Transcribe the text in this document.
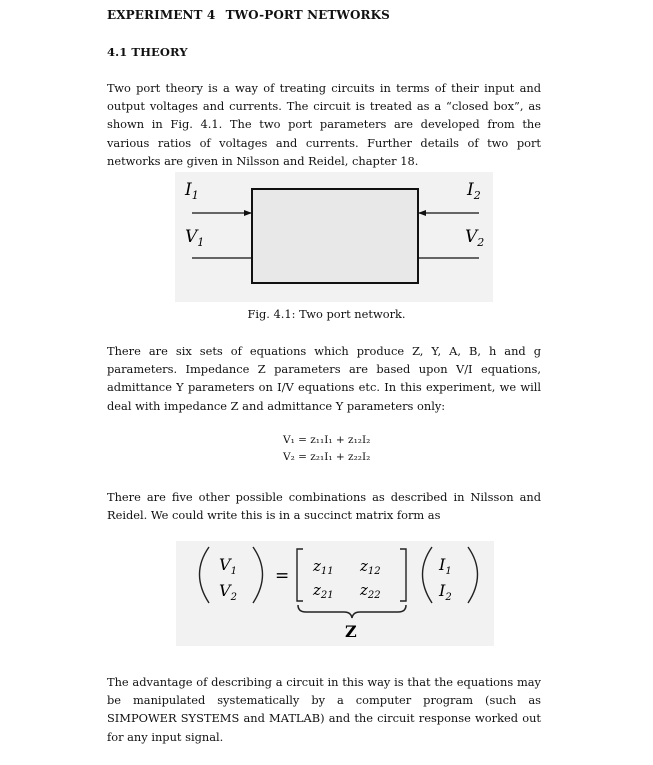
EXPERIMENT 4 TWO-PORT NETWORKS
4.1 THEORY

Two port theory is a way of treating circuits in terms of their input and output voltages and currents. The circuit is treated as a “closed box”, as shown in Fig. 4.1. The two port parameters are developed from the various ratios of voltages and currents. Further details of two port networks are given in Nilsson and Reidel, chapter 18.

$I_1$	$I_2$
$V_1$	$V_2$
Fig. 4.1: Two port network.

There are six sets of equations which produce Z, Y, A, B, h and g parameters. Impedance Z parameters are based upon V/I equations, admittance Y parameters on I/V equations etc. In this experiment, we will deal with impedance Z and admittance Y parameters only:

V₁ = z₁₁I₁ + z₁₂I₂
V₂ = z₂₁I₁ + z₂₂I₂

There are five other possible combinations as described in Nilsson and Reidel. We could write this is in a succinct matrix form as

$V_1$
$V_2$
= $z_{11}$ $z_{12}$
$z_{21}$ $z_{22}$
$I_1$
$I_2$
Z

The advantage of describing a circuit in this way is that the equations may be manipulated systematically by a computer program (such as SIMPOWER SYSTEMS and MATLAB) and the circuit response worked out for any input signal.
